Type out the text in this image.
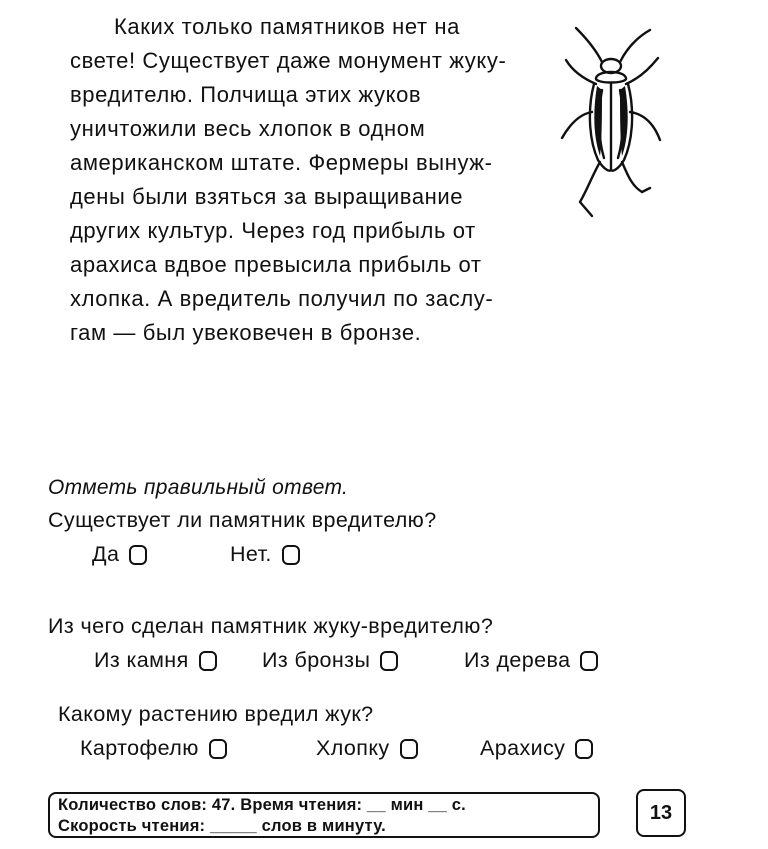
Каких только памятников нет на
свете! Существует даже монумент жуку-
вредителю. Полчища этих жуков
уничтожили весь хлопок в одном
американском штате. Фермеры вынуж-
дены были взяться за выращивание
других культур. Через год прибыль от
арахиса вдвое превысила прибыль от
хлопка. А вредитель получил по заслу-
гам — был увековечен в бронзе.
Отметь правильный ответ.
Существует ли памятник вредителю?
Да	Нет.
Из чего сделан памятник жуку-вредителю?
Из камня	Из бронзы	Из дерева
Какому растению вредил жук?
Картофелю	Хлопку	Арахису
Количество слов: 47. Время чтения: __ мин __ с.
Скорость чтения: _____ слов в минуту.
13
